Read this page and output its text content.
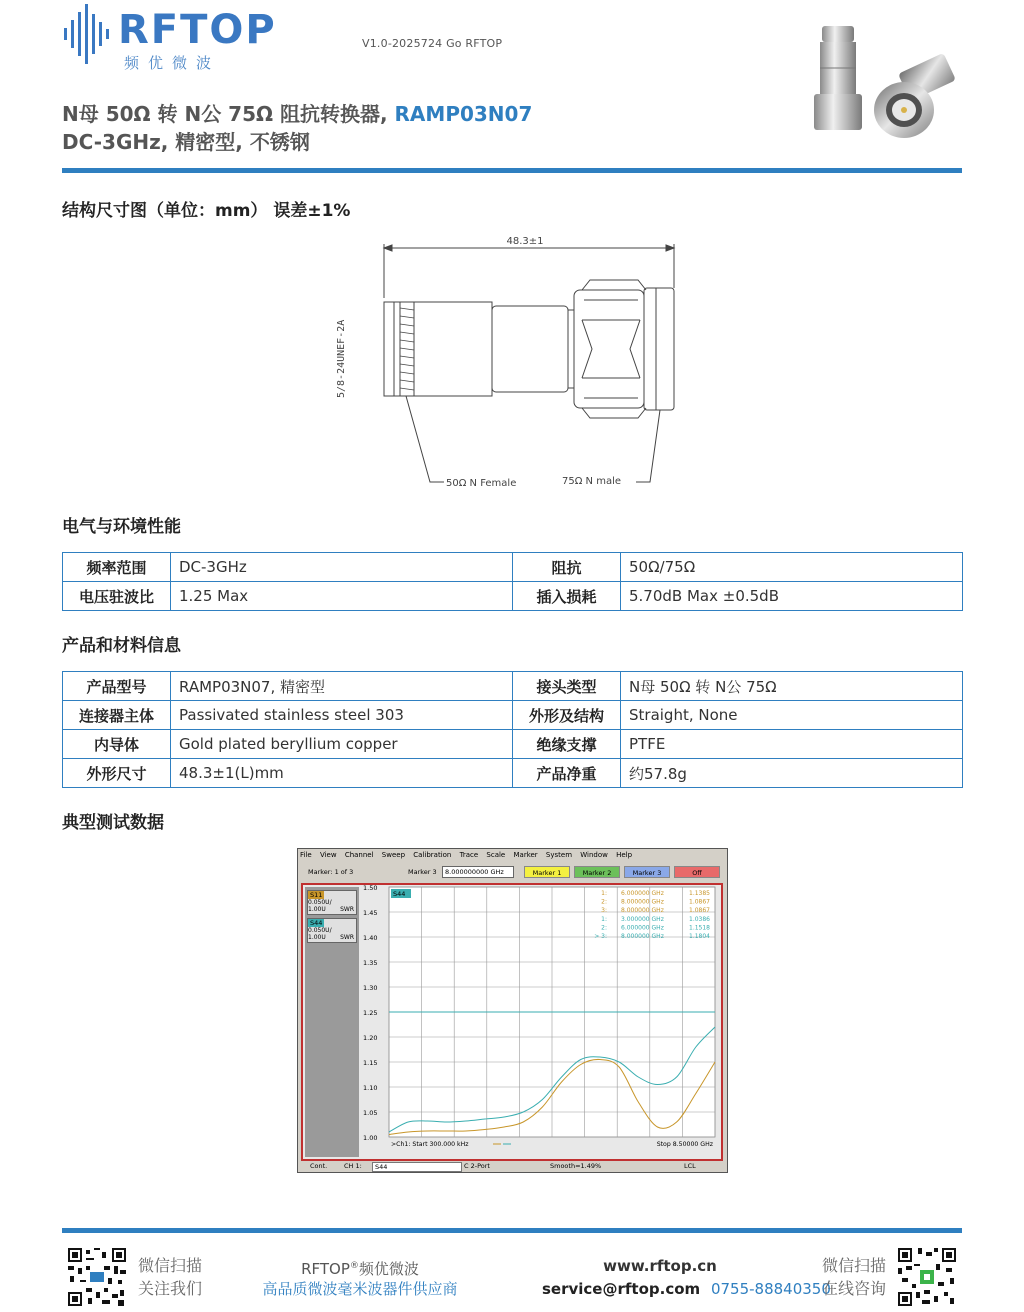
RFTOP
频优微波
V1.0-2025724 Go RFTOP
N母 50Ω 转 N公 75Ω 阻抗转换器, RAMP03N07
DC-3GHz, 精密型, 不锈钢
结构尺寸图（单位：mm） 误差±1%
48.3±1
5/8-24UNEF-2A
50Ω N Female	75Ω N male
电气与环境性能
频率范围	DC-3GHz	阻抗	50Ω/75Ω
电压驻波比	1.25 Max	插入损耗	5.70dB Max ±0.5dB
产品和材料信息
产品型号	RAMP03N07, 精密型	接头类型	N母 50Ω 转 N公 75Ω
连接器主体	Passivated stainless steel 303	外形及结构	Straight, None
内导体	Gold plated beryllium copper	绝缘支撑	PTFE
外形尺寸	48.3±1(L)mm	产品净重	约57.8g
典型测试数据
File View Channel Sweep Calibration Trace Scale Marker System Window Help
Marker: 1 of 3	Marker 3	8.000000000 GHz	Marker 1	Marker 2	Marker 3	Off
S11
0.050U/
1.00U SWR
S44
0.050U/
1.00U SWR
1.50
1.45
1.40
1.35
1.30
1.25
1.20
1.15
1.10
1.05
1.00
S44	1: 6.000000 GHz	1.1385
2: 8.000000 GHz	1.0867
3: 8.000000 GHz	1.0867
1: 3.000000 GHz	1.0386
2: 6.000000 GHz	1.1518
> 3: 8.000000 GHz	1.1804
>Ch1: Start 300.000 kHz	Stop 8.50000 GHz
Cont.	CH 1:	S44	C 2-Port	Smooth=1.49%	LCL
微信扫描
关注我们
RFTOP®频优微波
高品质微波毫米波器件供应商
www.rftop.cn
service@rftop.com 0755-88840350
微信扫描
在线咨询
